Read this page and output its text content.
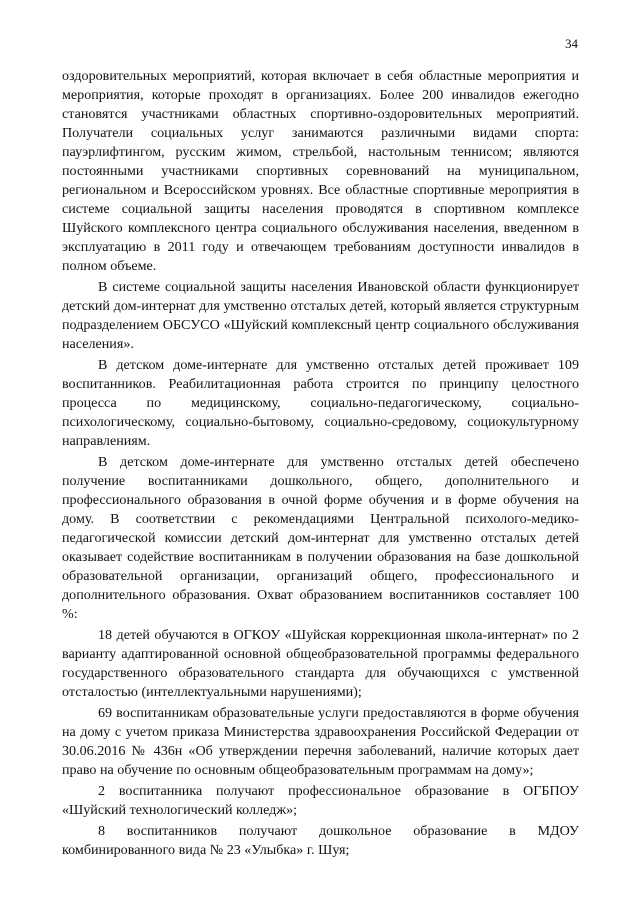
34

оздоровительных мероприятий, которая включает в себя областные мероприятия и мероприятия, которые проходят в организациях. Более 200 инвалидов ежегодно становятся участниками областных спортивно-оздоровительных мероприятий. Получатели социальных услуг занимаются различными видами спорта: пауэрлифтингом, русским жимом, стрельбой, настольным теннисом; являются постоянными участниками спортивных соревнований на муниципальном, региональном и Всероссийском уровнях. Все областные спортивные мероприятия в системе социальной защиты населения проводятся в спортивном комплексе Шуйского комплексного центра социального обслуживания населения, введенном в эксплуатацию в 2011 году и отвечающем требованиям доступности инвалидов в полном объеме.

В системе социальной защиты населения Ивановской области функционирует детский дом-интернат для умственно отсталых детей, который является структурным подразделением ОБСУСО «Шуйский комплексный центр социального обслуживания населения».

В детском доме-интернате для умственно отсталых детей проживает 109 воспитанников. Реабилитационная работа строится по принципу целостного процесса по медицинскому, социально-педагогическому, социально-психологическому, социально-бытовому, социально-средовому, социокультурному направлениям.

В детском доме-интернате для умственно отсталых детей обеспечено получение воспитанниками дошкольного, общего, дополнительного и профессионального образования в очной форме обучения и в форме обучения на дому. В соответствии с рекомендациями Центральной психолого-медико-педагогической комиссии детский дом-интернат для умственно отсталых детей оказывает содействие воспитанникам в получении образования на базе дошкольной образовательной организации, организаций общего, профессионального и дополнительного образования. Охват образованием воспитанников составляет 100 %:

18 детей обучаются в ОГКОУ «Шуйская коррекционная школа-интернат» по 2 варианту адаптированной основной общеобразовательной программы федерального государственного образовательного стандарта для обучающихся с умственной отсталостью (интеллектуальными нарушениями);

69 воспитанникам образовательные услуги предоставляются в форме обучения на дому с учетом приказа Министерства здравоохранения Российской Федерации от 30.06.2016 № 436н «Об утверждении перечня заболеваний, наличие которых дает право на обучение по основным общеобразовательным программам на дому»;

2 воспитанника получают профессиональное образование в ОГБПОУ «Шуйский технологический колледж»;

8 воспитанников получают дошкольное образование в МДОУ комбинированного вида № 23 «Улыбка» г. Шуя;
